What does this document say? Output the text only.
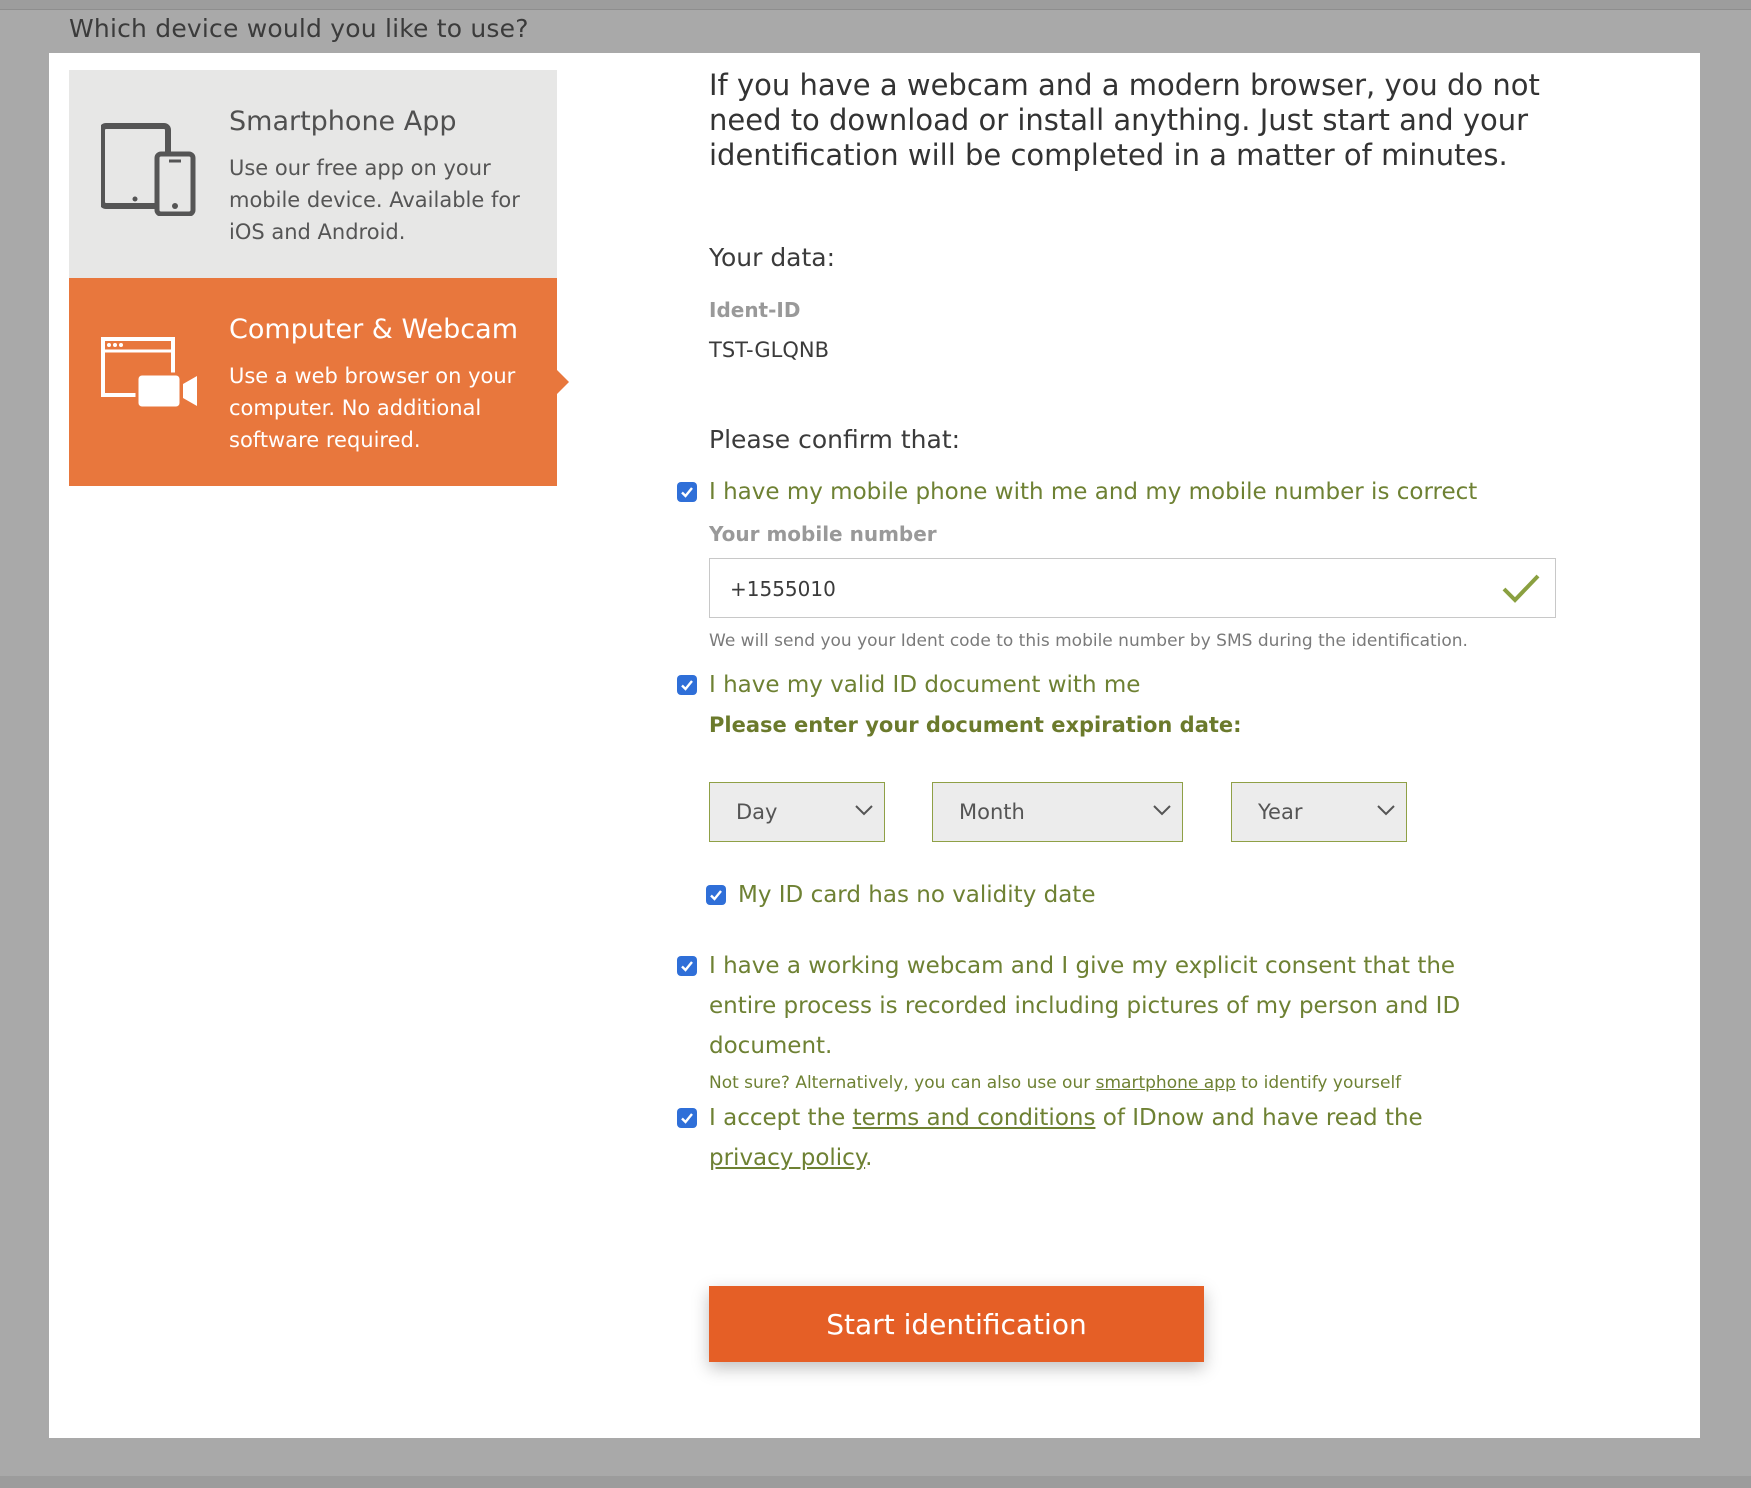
Which device would you like to use?
Smartphone App
Use our free app on your mobile device. Available for iOS and Android.
Computer & Webcam
Use a web browser on your computer. No additional software required.
If you have a webcam and a modern browser, you do not need to download or install anything. Just start and your identification will be completed in a matter of minutes.
Your data:
Ident-ID
TST-GLQNB
Please confirm that:
I have my mobile phone with me and my mobile number is correct
Your mobile number
+1555010
We will send you your Ident code to this mobile number by SMS during the identification.
I have my valid ID document with me
Please enter your document expiration date:
Day	Month	Year
My ID card has no validity date
I have a working webcam and I give my explicit consent that the entire process is recorded including pictures of my person and ID document.
Not sure? Alternatively, you can also use our smartphone app to identify yourself
I accept the terms and conditions of IDnow and have read the privacy policy.
Start identification
